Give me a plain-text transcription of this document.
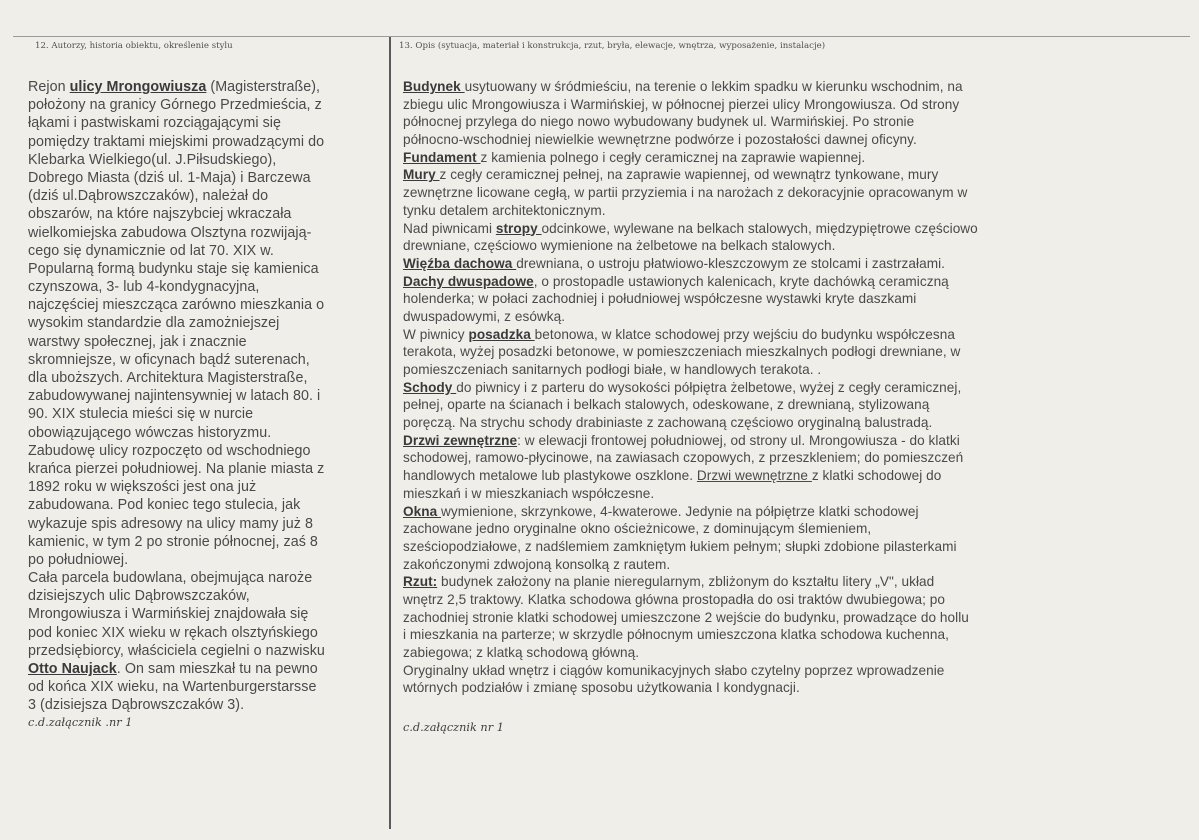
12. Autorzy, historia obiektu, określenie stylu	13. Opis (sytuacja, materiał i konstrukcja, rzut, bryła, elewacje, wnętrza, wyposażenie, instalacje)
Rejon ulicy Mrongowiusza (Magisterstraße),
położony na granicy Górnego Przedmieścia, z
łąkami i pastwiskami rozciągającymi się
pomiędzy traktami miejskimi prowadzącymi do
Klebarka Wielkiego(ul. J.Piłsudskiego),
Dobrego Miasta (dziś ul. 1-Maja) i Barczewa
(dziś ul.Dąbrowszczaków), należał do
obszarów, na które najszybciej wkraczała
wielkomiejska zabudowa Olsztyna rozwijają-
cego się dynamicznie od lat 70. XIX w.
Popularną formą budynku staje się kamienica
czynszowa, 3- lub 4-kondygnacyjna,
najczęściej mieszcząca zarówno mieszkania o
wysokim standardzie dla zamożniejszej
warstwy społecznej, jak i znacznie
skromniejsze, w oficynach bądź suterenach,
dla uboższych. Architektura Magisterstraße,
zabudowywanej najintensywniej w latach 80. i
90. XIX stulecia mieści się w nurcie
obowiązującego wówczas historyzmu.
Zabudowę ulicy rozpoczęto od wschodniego
krańca pierzei południowej. Na planie miasta z
1892 roku w większości jest ona już
zabudowana. Pod koniec tego stulecia, jak
wykazuje spis adresowy na ulicy mamy już 8
kamienic, w tym 2 po stronie północnej, zaś 8
po południowej.
Cała parcela budowlana, obejmująca naroże
dzisiejszych ulic Dąbrowszczaków,
Mrongowiusza i Warmińskiej znajdowała się
pod koniec XIX wieku w rękach olsztyńskiego
przedsiębiorcy, właściciela cegielni o nazwisku
Otto Naujack. On sam mieszkał tu na pewno
od końca XIX wieku, na Wartenburgerstarsse
3 (dzisiejsza Dąbrowszczaków 3).
c.d.załącznik .nr 1
Budynek usytuowany w śródmieściu, na terenie o lekkim spadku w kierunku wschodnim, na
zbiegu ulic Mrongowiusza i Warmińskiej, w północnej pierzei ulicy Mrongowiusza. Od strony
północnej przylega do niego nowo wybudowany budynek ul. Warmińskiej. Po stronie
północno-wschodniej niewielkie wewnętrzne podwórze i pozostałości dawnej oficyny.
Fundament z kamienia polnego i cegły ceramicznej na zaprawie wapiennej.
Mury z cegły ceramicznej pełnej, na zaprawie wapiennej, od wewnątrz tynkowane, mury
zewnętrzne licowane cegłą, w partii przyziemia i na narożach z dekoracyjnie opracowanym w
tynku detalem architektonicznym.
Nad piwnicami stropy odcinkowe, wylewane na belkach stalowych, międzypiętrowe częściowo
drewniane, częściowo wymienione na żelbetowe na belkach stalowych.
Więźba dachowa drewniana, o ustroju płatwiowo-kleszczowym ze stolcami i zastrzałami.
Dachy dwuspadowe, o prostopadle ustawionych kalenicach, kryte dachówką ceramiczną
holenderka; w połaci zachodniej i południowej współczesne wystawki kryte daszkami
dwuspadowymi, z esówką.
W piwnicy posadzka betonowa, w klatce schodowej przy wejściu do budynku współczesna
terakota, wyżej posadzki betonowe, w pomieszczeniach mieszkalnych podłogi drewniane, w
pomieszczeniach sanitarnych podłogi białe, w handlowych terakota. .
Schody do piwnicy i z parteru do wysokości półpiętra żelbetowe, wyżej z cegły ceramicznej,
pełnej, oparte na ścianach i belkach stalowych, odeskowane, z drewnianą, stylizowaną
poręczą. Na strychu schody drabiniaste z zachowaną częściowo oryginalną balustradą.
Drzwi zewnętrzne: w elewacji frontowej południowej, od strony ul. Mrongowiusza - do klatki
schodowej, ramowo-płycinowe, na zawiasach czopowych, z przeszkleniem; do pomieszczeń
handlowych metalowe lub plastykowe oszklone. Drzwi wewnętrzne z klatki schodowej do
mieszkań i w mieszkaniach współczesne.
Okna wymienione, skrzynkowe, 4-kwaterowe. Jedynie na półpiętrze klatki schodowej
zachowane jedno oryginalne okno ościeżnicowe, z dominującym ślemieniem,
sześciopodziałowe, z nadślemiem zamkniętym łukiem pełnym; słupki zdobione pilasterkami
zakończonymi zdwojoną konsolką z rautem.
Rzut: budynek założony na planie nieregularnym, zbliżonym do kształtu litery „V", układ
wnętrz 2,5 traktowy. Klatka schodowa główna prostopadła do osi traktów dwubiegowa; po
zachodniej stronie klatki schodowej umieszczone 2 wejście do budynku, prowadzące do hollu
i mieszkania na parterze; w skrzydle północnym umieszczona klatka schodowa kuchenna,
zabiegowa; z klatką schodową główną.
Oryginalny układ wnętrz i ciągów komunikacyjnych słabo czytelny poprzez wprowadzenie
wtórnych podziałów i zmianę sposobu użytkowania I kondygnacji.
c.d.załącznik nr 1
